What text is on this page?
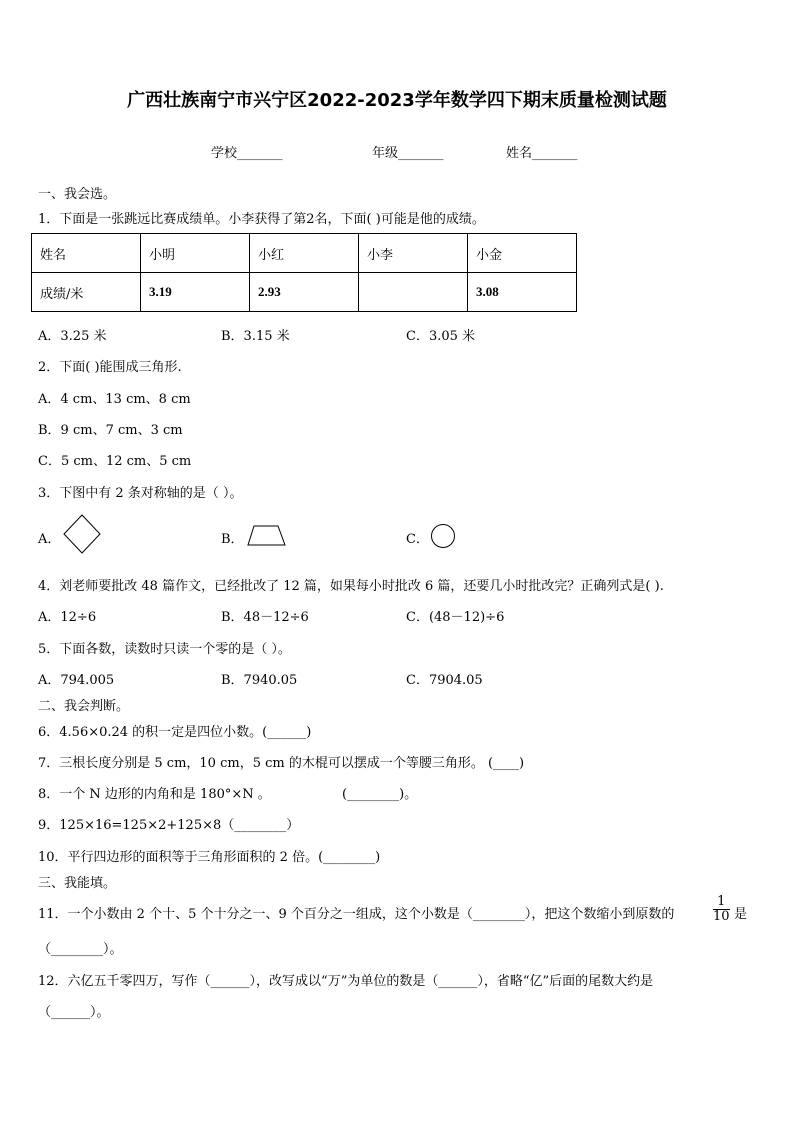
广西壮族南宁市兴宁区2022-2023学年数学四下期末质量检测试题
学校_______	年级_______	姓名_______
一、我会选。
1．下面是一张跳远比赛成绩单。小李获得了第2名，下面( )可能是他的成绩。
姓名	小明	小红	小李	小金
成绩/米	3.19	2.93		3.08
A．3.25 米	B．3.15 米	C．3.05 米
2．下面( )能围成三角形.
A．4 cm、13 cm、8 cm
B．9 cm、7 cm、3 cm
C．5 cm、12 cm、5 cm
3．下图中有 2 条对称轴的是（ ）。
A．	B．	C．
4．刘老师要批改 48 篇作文，已经批改了 12 篇，如果每小时批改 6 篇，还要几小时批改完？正确列式是( ).
A．12÷6	B．48－12÷6	C．(48－12)÷6
5．下面各数，读数时只读一个零的是（ ）。
A．794.005	B．7940.05	C．7904.05
二、我会判断。
6．4.56×0.24 的积一定是四位小数。(______)
7．三根长度分别是 5 cm，10 cm，5 cm 的木棍可以摆成一个等腰三角形。 (____)
8．一个 N 边形的内角和是 180°×N 。	(________)。
9．125×16=125×2+125×8（________）
10．平行四边形的面积等于三角形面积的 2 倍。(________)
三、我能填。
11．一个小数由 2 个十、5 个十分之一、9 个百分之一组成，这个小数是（________），把这个数缩小到原数的	$\frac{1}{10}$ 是
（________）。
12．六亿五千零四万，写作（______），改写成以“万”为单位的数是（______），省略“亿”后面的尾数大约是
（______）。
